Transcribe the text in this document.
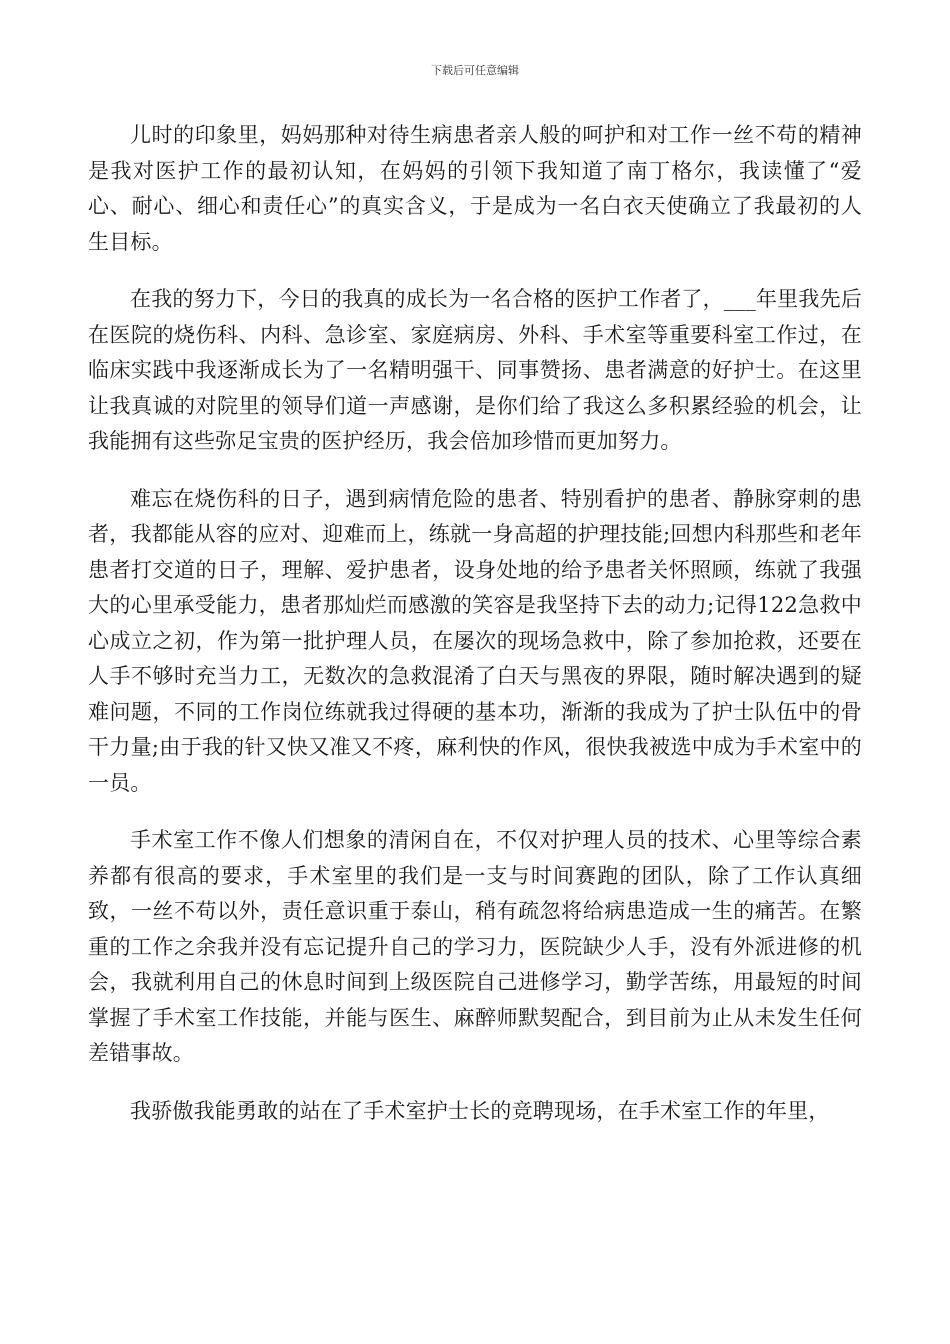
下载后可任意编辑

儿时的印象里，妈妈那种对待生病患者亲人般的呵护和对工作一丝不苟的精神是我对医护工作的最初认知，在妈妈的引领下我知道了南丁格尔，我读懂了“爱心、耐心、细心和责任心”的真实含义，于是成为一名白衣天使确立了我最初的人生目标。

在我的努力下，今日的我真的成长为一名合格的医护工作者了，___年里我先后在医院的烧伤科、内科、急诊室、家庭病房、外科、手术室等重要科室工作过，在临床实践中我逐渐成长为了一名精明强干、同事赞扬、患者满意的好护士。在这里让我真诚的对院里的领导们道一声感谢，是你们给了我这么多积累经验的机会，让我能拥有这些弥足宝贵的医护经历，我会倍加珍惜而更加努力。

难忘在烧伤科的日子，遇到病情危险的患者、特别看护的患者、静脉穿刺的患者，我都能从容的应对、迎难而上，练就一身高超的护理技能;回想内科那些和老年患者打交道的日子，理解、爱护患者，设身处地的给予患者关怀照顾，练就了我强大的心里承受能力，患者那灿烂而感激的笑容是我坚持下去的动力;记得122急救中心成立之初，作为第一批护理人员，在屡次的现场急救中，除了参加抢救，还要在人手不够时充当力工，无数次的急救混淆了白天与黑夜的界限，随时解决遇到的疑难问题，不同的工作岗位练就我过得硬的基本功，渐渐的我成为了护士队伍中的骨干力量;由于我的针又快又准又不疼，麻利快的作风，很快我被选中成为手术室中的一员。

手术室工作不像人们想象的清闲自在，不仅对护理人员的技术、心里等综合素养都有很高的要求，手术室里的我们是一支与时间赛跑的团队，除了工作认真细致，一丝不苟以外，责任意识重于泰山，稍有疏忽将给病患造成一生的痛苦。在繁重的工作之余我并没有忘记提升自己的学习力，医院缺少人手，没有外派进修的机会，我就利用自己的休息时间到上级医院自己进修学习，勤学苦练，用最短的时间掌握了手术室工作技能，并能与医生、麻醉师默契配合，到目前为止从未发生任何差错事故。

我骄傲我能勇敢的站在了手术室护士长的竞聘现场，在手术室工作的年里，
